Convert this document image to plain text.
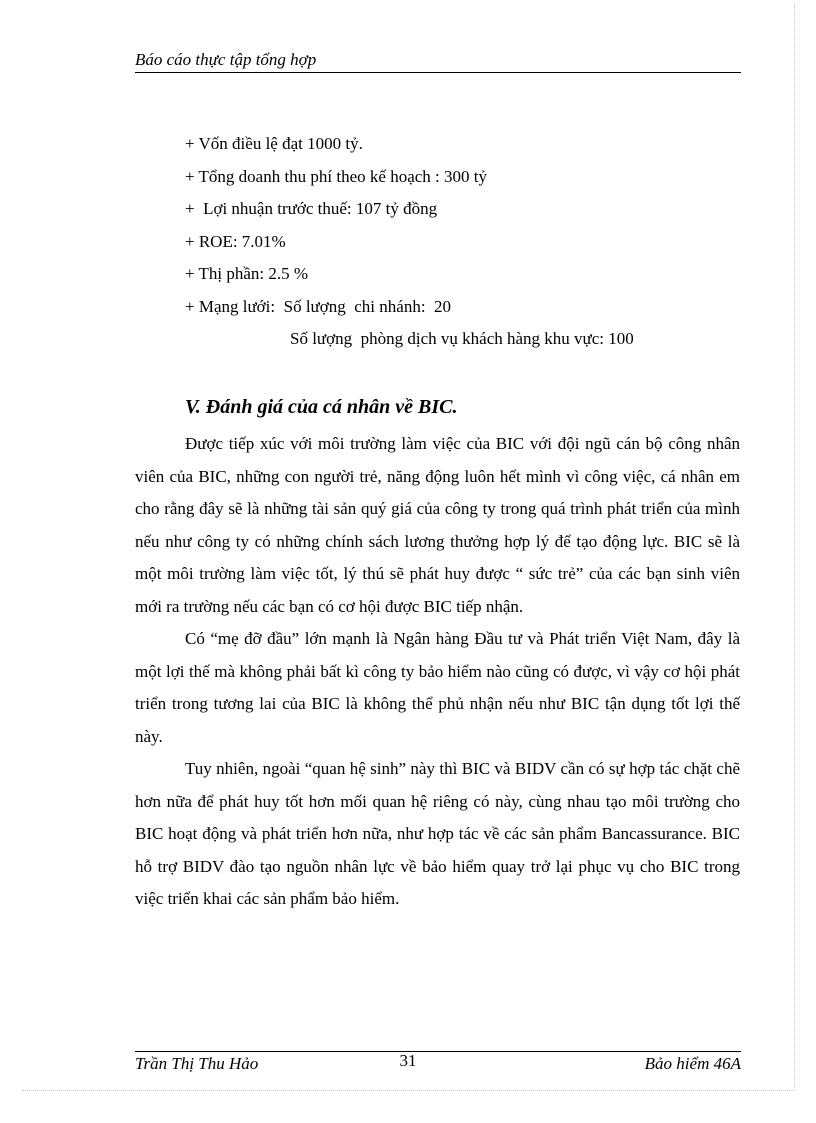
Báo cáo thực tập tổng hợp
+ Vốn điều lệ đạt 1000 tỷ.
+ Tổng doanh thu phí theo kế hoạch : 300 tỷ
+  Lợi nhuận trước thuế: 107 tỷ đồng
+ ROE: 7.01%
+ Thị phần: 2.5 %
+ Mạng lưới:  Số lượng  chi nhánh:  20
Số lượng  phòng dịch vụ khách hàng khu vực: 100
V. Đánh giá của cá nhân về BIC.

Được tiếp xúc với môi trường làm việc của BIC với đội ngũ cán bộ công nhân viên của BIC, những con người trẻ, năng động luôn hết mình vì công việc, cá nhân em cho rằng đây sẽ là những tài sản quý giá của công ty trong quá trình phát triển của mình nếu như công ty có những chính sách lương thưởng hợp lý để tạo động lực. BIC sẽ là một môi trường làm việc tốt, lý thú sẽ phát huy được “ sức trẻ” của các bạn sinh viên mới ra trường nếu các bạn có cơ hội được BIC tiếp nhận.

Có “mẹ đỡ đầu” lớn mạnh là Ngân hàng Đầu tư và Phát triển Việt Nam, đây là một lợi thế mà không phải bất kì công ty bảo hiểm nào cũng có được, vì vậy cơ hội phát triển trong tương lai của BIC là không thể phủ nhận nếu như BIC tận dụng tốt lợi thế này.

Tuy nhiên, ngoài “quan hệ sinh” này thì BIC và BIDV cần có sự hợp tác chặt chẽ hơn nữa để phát huy tốt hơn mối quan hệ riêng có này, cùng nhau tạo môi trường cho BIC hoạt động và phát triển hơn nữa, như hợp tác về các sản phẩm Bancassurance. BIC hỗ trợ BIDV đào tạo nguồn nhân lực về bảo hiểm quay trở lại phục vụ cho BIC trong việc triển khai các sản phẩm bảo hiểm.

Trần Thị Thu Hảo	31	Bảo hiểm 46A
